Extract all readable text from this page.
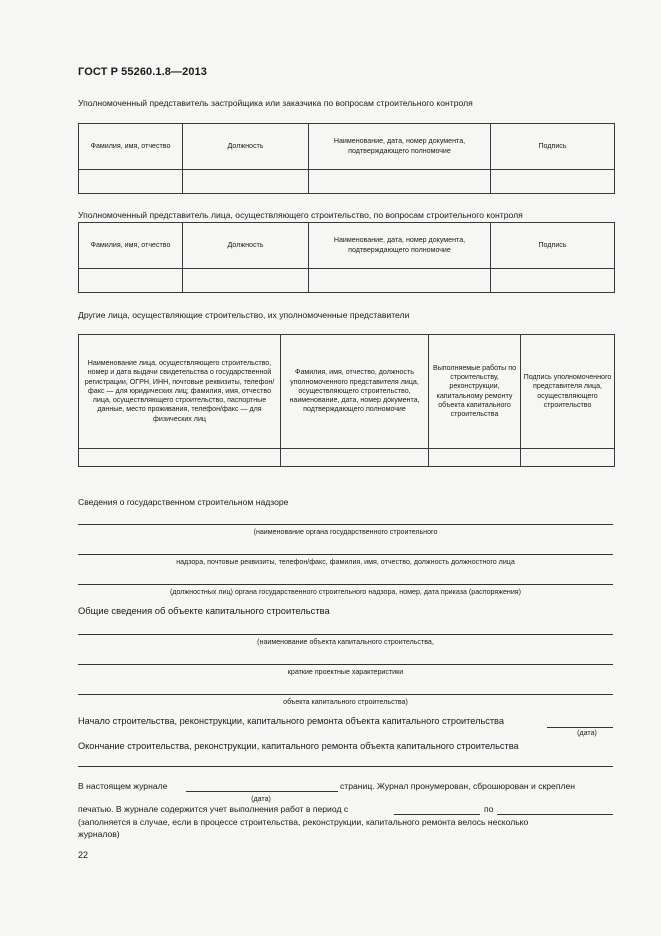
ГОСТ Р 55260.1.8—2013
Уполномоченный представитель застройщика или заказчика по вопросам строительного контроля
Фамилия, имя, отчество	Должность	Наименование, дата, номер документа, подтверждающего полномочие	Подпись

Уполномоченный представитель лица, осуществляющего строительство, по вопросам строительного контроля
Фамилия, имя, отчество	Должность	Наименование, дата, номер документа, подтверждающего полномочие	Подпись

Другие лица, осуществляющие строительство, их уполномоченные представители
Наименование лица, осуществляющего строительство, номер и дата выдачи свидетельства о государственной регистрации, ОГРН, ИНН, почтовые реквизиты, телефон/факс — для юридических лиц; фамилия, имя, отчество лица, осуществляющего строительство, паспортные данные, место проживания, телефон/факс — для физических лиц	Фамилия, имя, отчество, должность уполномоченного представителя лица, осуществляющего строительство, наименование, дата, номер документа, подтверждающего полномочие	Выполняемые работы по строительству, реконструкции, капитальному ремонту объекта капитального строительства	Подпись уполномоченного представителя лица, осуществляющего строительство

Сведения о государственном строительном надзоре
(наименование органа государственного строительного
надзора, почтовые реквизиты, телефон/факс, фамилия, имя, отчество, должность должностного лица
(должностных лиц) органа государственного строительного надзора, номер, дата приказа (распоряжения)
Общие сведения об объекте капитального строительства
(наименование объекта капитального строительства,
краткие проектные характеристики
объекта капитального строительства)
Начало строительства, реконструкции, капитального ремонта объекта капитального строительства
(дата)
Окончание строительства, реконструкции, капитального ремонта объекта капитального строительства
(дата)
В настоящем журнале	страниц. Журнал пронумерован, сброшюрован и скреплен
печатью. В журнале содержится учет выполнения работ в период с	по
(заполняется в случае, если в процессе строительства, реконструкции, капитального ремонта велось несколько
журналов)
22
